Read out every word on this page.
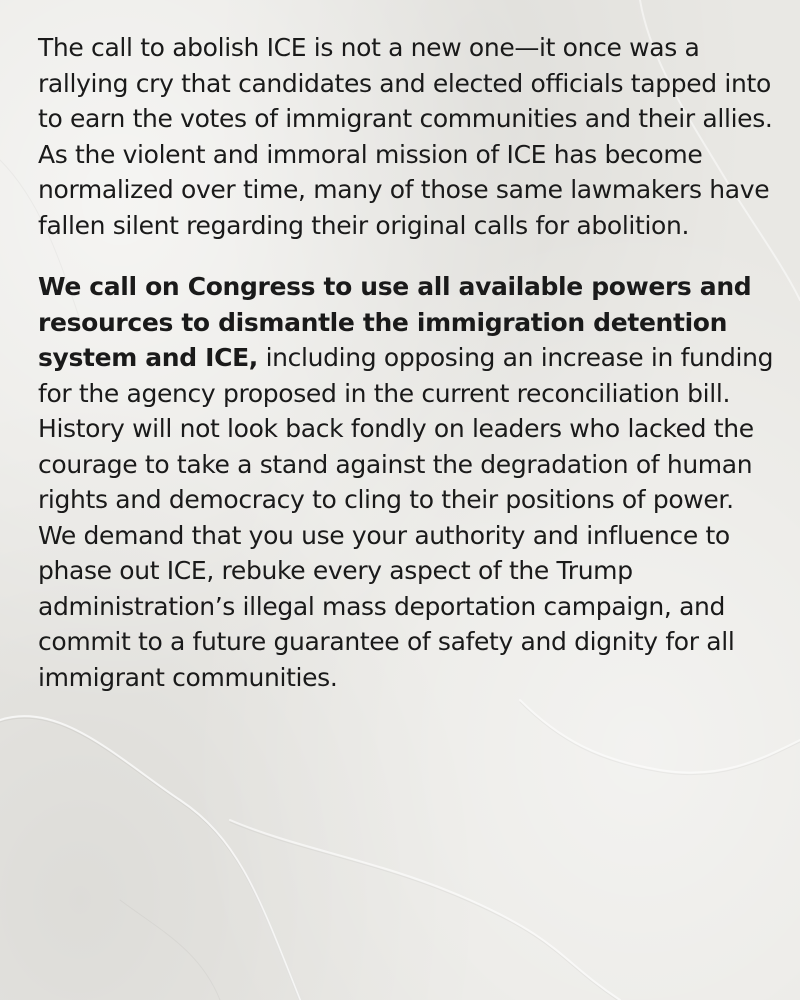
The call to abolish ICE is not a new one—it once was a rallying cry that candidates and elected officials tapped into to earn the votes of immigrant communities and their allies. As the violent and immoral mission of ICE has become normalized over time, many of those same lawmakers have fallen silent regarding their original calls for abolition.

We call on Congress to use all available powers and resources to dismantle the immigration detention system and ICE, including opposing an increase in funding for the agency proposed in the current reconciliation bill. History will not look back fondly on leaders who lacked the courage to take a stand against the degradation of human rights and democracy to cling to their positions of power. We demand that you use your authority and influence to phase out ICE, rebuke every aspect of the Trump administration’s illegal mass deportation campaign, and commit to a future guarantee of safety and dignity for all immigrant communities.
